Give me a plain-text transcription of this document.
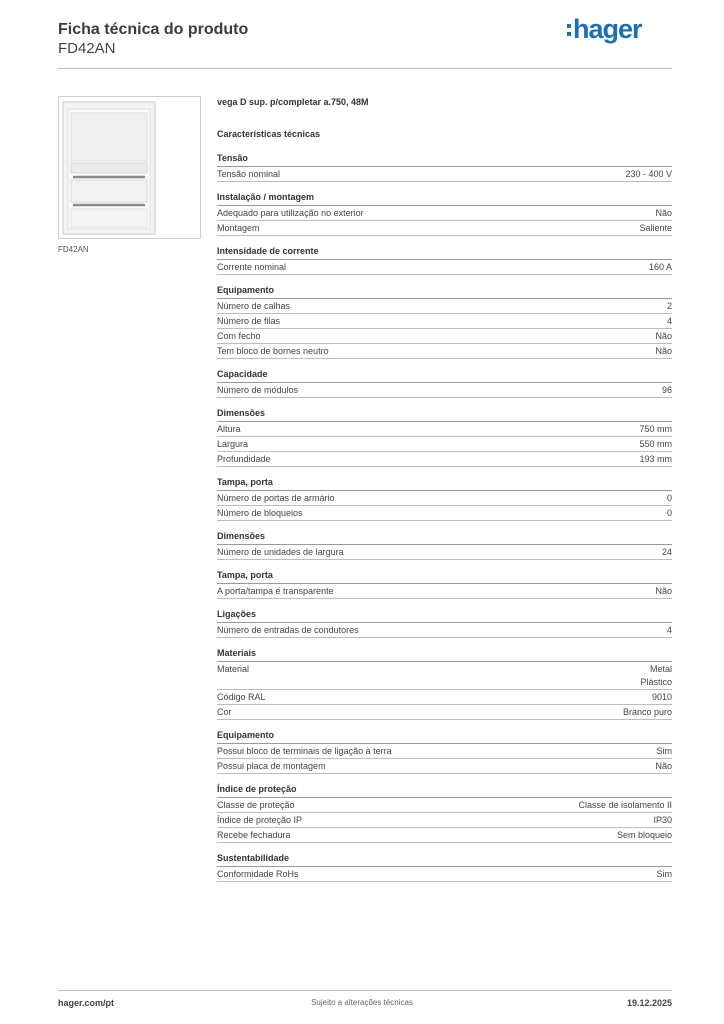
Ficha técnica do produto
FD42AN
hager
FD42AN
vega D sup. p/completar a.750, 48M
Características técnicas
Tensão
Tensão nominal	230 - 400 V
Instalação / montagem
Adequado para utilização no exterior	Não
Montagem	Saliente
Intensidade de corrente
Corrente nominal	160 A
Equipamento
Número de calhas	2
Número de filas	4
Com fecho	Não
Tem bloco de bornes neutro	Não
Capacidade
Número de módulos	96
Dimensões
Altura	750 mm
Largura	550 mm
Profundidade	193 mm
Tampa, porta
Número de portas de armário	0
Número de bloqueios	0
Dimensões
Número de unidades de largura	24
Tampa, porta
A porta/tampa é transparente	Não
Ligações
Número de entradas de condutores	4
Materiais
Material	Metal
Plástico
Código RAL	9010
Cor	Branco puro
Equipamento
Possui bloco de terminais de ligação à terra	Sim
Possui placa de montagem	Não
Índice de proteção
Classe de proteção	Classe de isolamento II
Índice de proteção IP	IP30
Recebe fechadura	Sem bloqueio
Sustentabilidade
Conformidade RoHs	Sim
hager.com/pt	Sujeito a alterações técnicas	19.12.2025
